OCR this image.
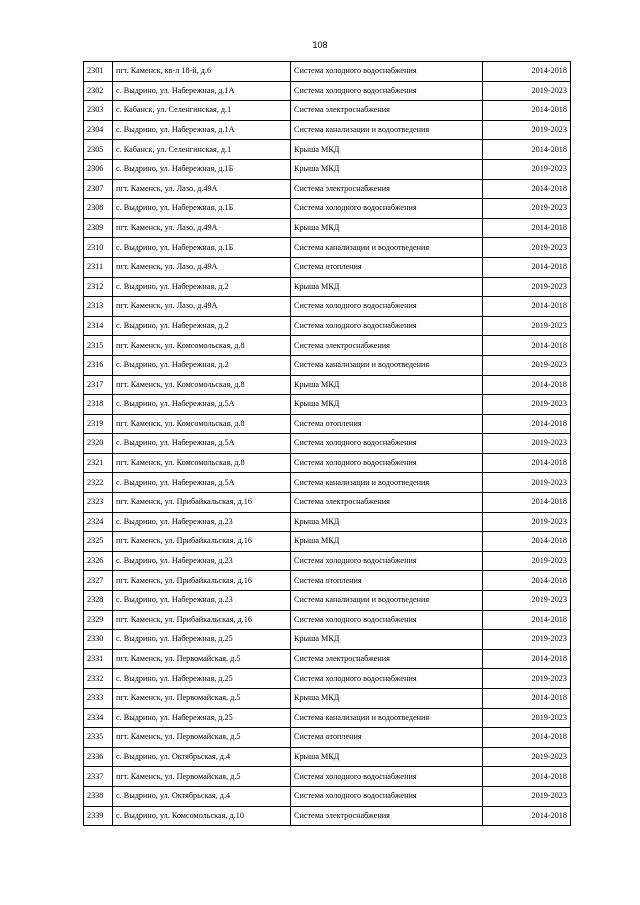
108
2301	пгт. Каменск, кв-л 18-й, д.6	Система холодного водоснабжения	2014-2018
2302	с. Выдрино, ул. Набережная, д.1А	Система холодного водоснабжения	2019-2023
2303	с. Кабанск, ул. Селенгинская, д.1	Система электроснабжения	2014-2018
2304	с. Выдрино, ул. Набережная, д.1А	Система канализации и водоотведения	2019-2023
2305	с. Кабанск, ул. Селенгинская, д.1	Крыша МКД	2014-2018
2306	с. Выдрино, ул. Набережная, д.1Б	Крыша МКД	2019-2023
2307	пгт. Каменск, ул. Лазо, д.49А	Система электроснабжения	2014-2018
2308	с. Выдрино, ул. Набережная, д.1Б	Система холодного водоснабжения	2019-2023
2309	пгт. Каменск, ул. Лазо, д.49А	Крыша МКД	2014-2018
2310	с. Выдрино, ул. Набережная, д.1Б	Система канализации и водоотведения	2019-2023
2311	пгт. Каменск, ул. Лазо, д.49А	Система отопления	2014-2018
2312	с. Выдрино, ул. Набережная, д.2	Крыша МКД	2019-2023
2313	пгт. Каменск, ул. Лазо, д.49А	Система холодного водоснабжения	2014-2018
2314	с. Выдрино, ул. Набережная, д.2	Система холодного водоснабжения	2019-2023
2315	пгт. Каменск, ул. Комсомольская, д.8	Система электроснабжения	2014-2018
2316	с. Выдрино, ул. Набережная, д.2	Система канализации и водоотведения	2019-2023
2317	пгт. Каменск, ул. Комсомольская, д.8	Крыша МКД	2014-2018
2318	с. Выдрино, ул. Набережная, д.5А	Крыша МКД	2019-2023
2319	пгт. Каменск, ул. Комсомольская, д.8	Система отопления	2014-2018
2320	с. Выдрино, ул. Набережная, д.5А	Система холодного водоснабжения	2019-2023
2321	пгт. Каменск, ул. Комсомольская, д.8	Система холодного водоснабжения	2014-2018
2322	с. Выдрино, ул. Набережная, д.5А	Система канализации и водоотведения	2019-2023
2323	пгт. Каменск, ул. Прибайкальская, д.16	Система электроснабжения	2014-2018
2324	с. Выдрино, ул. Набережная, д.23	Крыша МКД	2019-2023
2325	пгт. Каменск, ул. Прибайкальская, д.16	Крыша МКД	2014-2018
2326	с. Выдрино, ул. Набережная, д.23	Система холодного водоснабжения	2019-2023
2327	пгт. Каменск, ул. Прибайкальская, д.16	Система отопления	2014-2018
2328	с. Выдрино, ул. Набережная, д.23	Система канализации и водоотведения	2019-2023
2329	пгт. Каменск, ул. Прибайкальская, д.16	Система холодного водоснабжения	2014-2018
2330	с. Выдрино, ул. Набережная, д.25	Крыша МКД	2019-2023
2331	пгт. Каменск, ул. Первомайская, д.5	Система электроснабжения	2014-2018
2332	с. Выдрино, ул. Набережная, д.25	Система холодного водоснабжения	2019-2023
2333	пгт. Каменск, ул. Первомайская, д.5	Крыша МКД	2014-2018
2334	с. Выдрино, ул. Набережная, д.25	Система канализации и водоотведения	2019-2023
2335	пгт. Каменск, ул. Первомайская, д.5	Система отопления	2014-2018
2336	с. Выдрино, ул. Октябрьская, д.4	Крыша МКД	2019-2023
2337	пгт. Каменск, ул. Первомайская, д.5	Система холодного водоснабжения	2014-2018
2338	с. Выдрино, ул. Октябрьская, д.4	Система холодного водоснабжения	2019-2023
2339	с. Выдрино, ул. Комсомольская, д.10	Система электроснабжения	2014-2018
